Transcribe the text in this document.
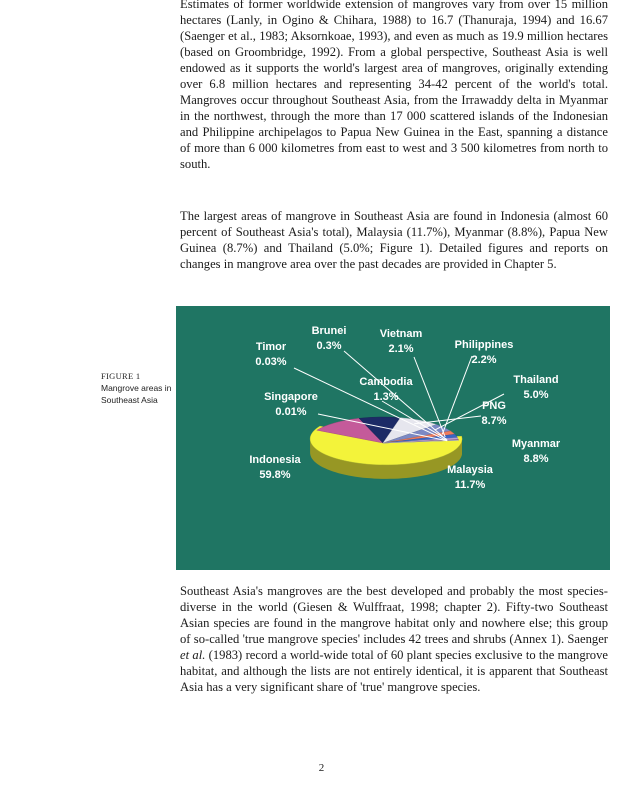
Estimates of former worldwide extension of mangroves vary from over 15 million hectares (Lanly, in Ogino & Chihara, 1988) to 16.7 (Thanuraja, 1994) and 16.67 (Saenger et al., 1983; Aksornkoae, 1993), and even as much as 19.9 million hectares (based on Groombridge, 1992). From a global perspective, Southeast Asia is well endowed as it supports the world's largest area of mangroves, originally extending over 6.8 million hectares and representing 34-42 percent of the world's total. Mangroves occur throughout Southeast Asia, from the Irrawaddy delta in Myanmar in the northwest, through the more than 17 000 scattered islands of the Indonesian and Philippine archipelagos to Papua New Guinea in the East, spanning a distance of more than 6 000 kilometres from east to west and 3 500 kilometres from north to south.

The largest areas of mangrove in Southeast Asia are found in Indonesia (almost 60 percent of Southeast Asia's total), Malaysia (11.7%), Myanmar (8.8%), Papua New Guinea (8.7%) and Thailand (5.0%; Figure 1). Detailed figures and reports on changes in mangrove area over the past decades are provided in Chapter 5.

FIGURE 1
Mangrove areas in Southeast Asia
Indonesia
59.8%	Malaysia
11.7%
Myanmar
8.8%
PNG
8.7%
Thailand
5.0%
Philippines
2.2%
Vietnam
2.1%
Cambodia
1.3%
Brunei
0.3%
Timor
0.03%
Singapore
0.01%

Southeast Asia's mangroves are the best developed and probably the most species-diverse in the world (Giesen & Wulffraat, 1998; chapter 2). Fifty-two Southeast Asian species are found in the mangrove habitat only and nowhere else; this group of so-called 'true mangrove species' includes 42 trees and shrubs (Annex 1). Saenger et al. (1983) record a world-wide total of 60 plant species exclusive to the mangrove habitat, and although the lists are not entirely identical, it is apparent that Southeast Asia has a very significant share of 'true' mangrove species.

2
